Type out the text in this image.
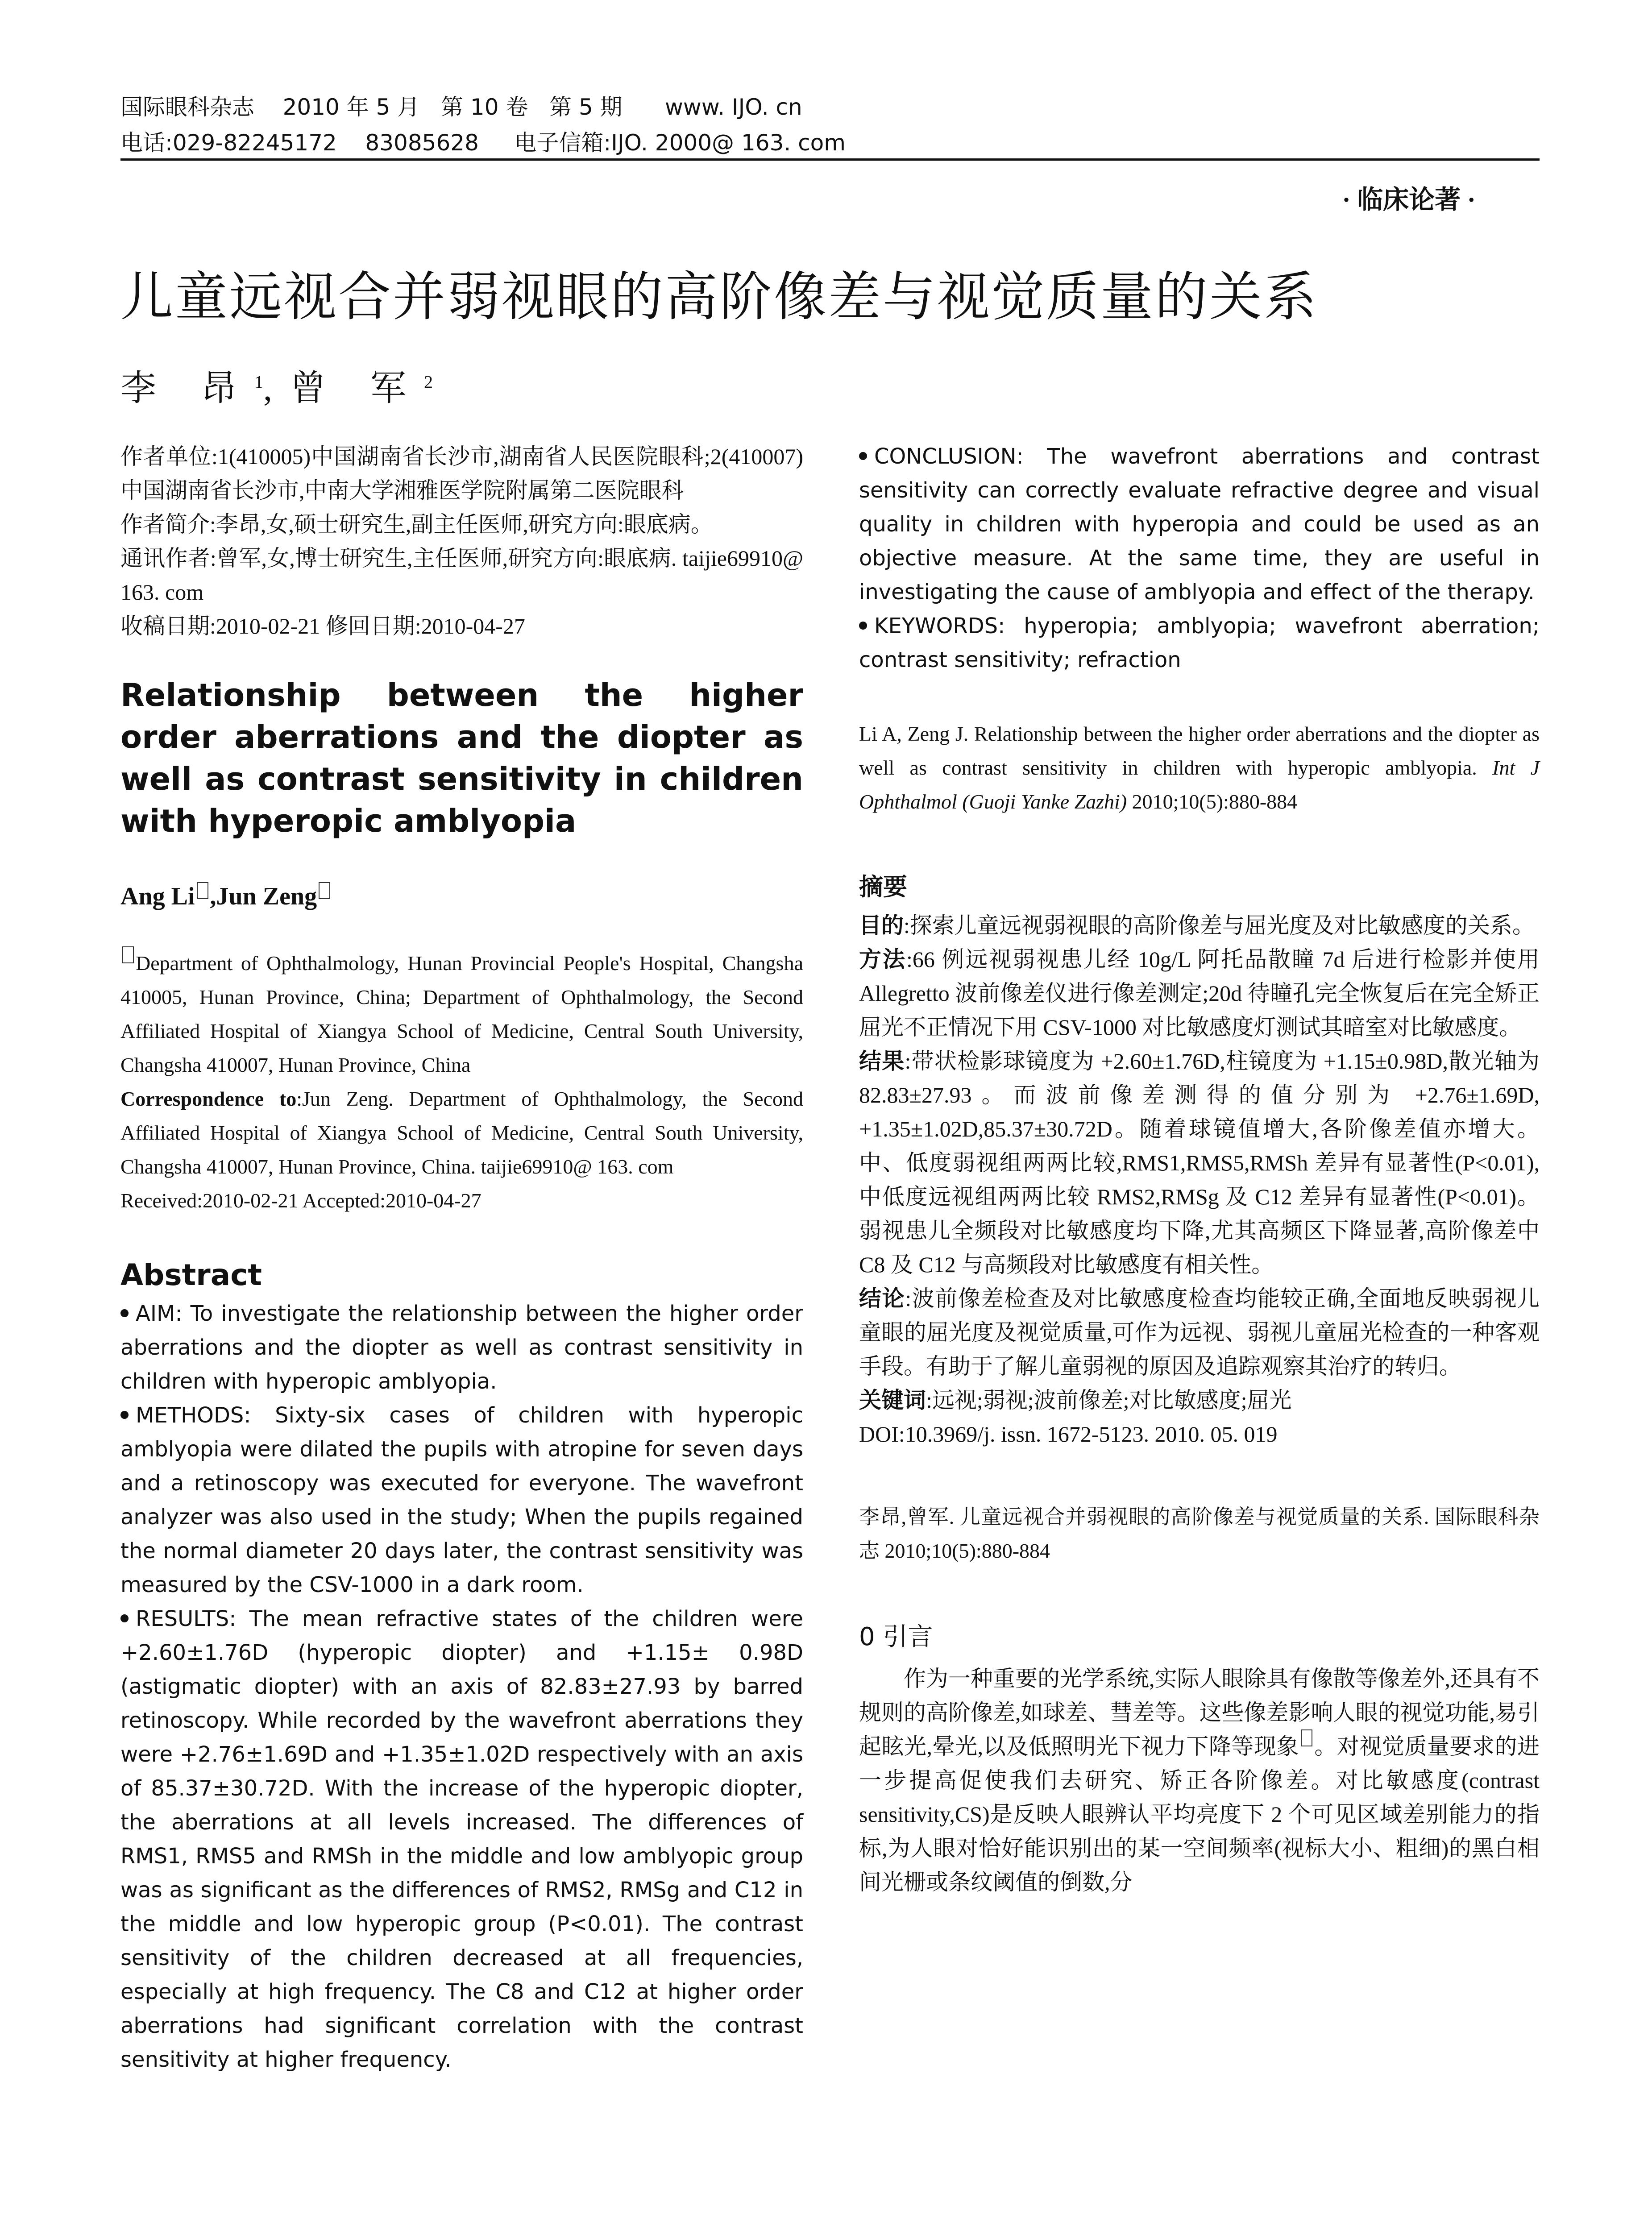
国际眼科杂志    2010 年 5 月   第 10 卷   第 5 期      www. IJO. cn
电话:029-82245172    83085628     电子信箱:IJO. 2000@ 163. com
· 临床论著 ·
儿童远视合并弱视眼的高阶像差与视觉质量的关系
李 昂$^1$,曾 军$^2$

作者单位:1(410005)中国湖南省长沙市,湖南省人民医院眼科;2(410007)中国湖南省长沙市,中南大学湘雅医学院附属第二医院眼科

作者简介:李昂,女,硕士研究生,副主任医师,研究方向:眼底病。

通讯作者:曾军,女,博士研究生,主任医师,研究方向:眼底病. taijie69910@ 163. com

收稿日期:2010-02-21 修回日期:2010-04-27

Relationship between the higher order aberrations and the diopter as well as contrast sensitivity in children with hyperopic amblyopia
Ang Li ,Jun Zeng

Department of Ophthalmology, Hunan Provincial People's Hospital, Changsha 410005, Hunan Province, China; Department of Ophthalmology, the Second Affiliated Hospital of Xiangya School of Medicine, Central South University, Changsha 410007, Hunan Province, China

Correspondence to:Jun Zeng. Department of Ophthalmology, the Second Affiliated Hospital of Xiangya School of Medicine, Central South University, Changsha 410007, Hunan Province, China. taijie69910@ 163. com

Received:2010-02-21 Accepted:2010-04-27

Abstract

AIM: To investigate the relationship between the higher order aberrations and the diopter as well as contrast sensitivity in children with hyperopic amblyopia.

METHODS: Sixty-six cases of children with hyperopic amblyopia were dilated the pupils with atropine for seven days and a retinoscopy was executed for everyone. The wavefront analyzer was also used in the study; When the pupils regained the normal diameter 20 days later, the contrast sensitivity was measured by the CSV-1000 in a dark room.

RESULTS: The mean refractive states of the children were +2.60±1.76D (hyperopic diopter) and +1.15± 0.98D (astigmatic diopter) with an axis of 82.83±27.93 by barred retinoscopy. While recorded by the wavefront aberrations they were +2.76±1.69D and +1.35±1.02D respectively with an axis of 85.37±30.72D. With the increase of the hyperopic diopter, the aberrations at all levels increased. The differences of RMS1, RMS5 and RMSh in the middle and low amblyopic group was as significant as the differences of RMS2, RMSg and C12 in the middle and low hyperopic group (P<0.01). The contrast sensitivity of the children decreased at all frequencies, especially at high frequency. The C8 and C12 at higher order aberrations had significant correlation with the contrast sensitivity at higher frequency.

CONCLUSION: The wavefront aberrations and contrast sensitivity can correctly evaluate refractive degree and visual quality in children with hyperopia and could be used as an objective measure. At the same time, they are useful in investigating the cause of amblyopia and effect of the therapy.

KEYWORDS: hyperopia; amblyopia; wavefront aberration; contrast sensitivity; refraction

Li A, Zeng J. Relationship between the higher order aberrations and the diopter as well as contrast sensitivity in children with hyperopic amblyopia. Int J Ophthalmol (Guoji Yanke Zazhi) 2010;10(5):880-884

摘要

目的:探索儿童远视弱视眼的高阶像差与屈光度及对比敏感度的关系。

方法:66 例远视弱视患儿经 10g/L 阿托品散瞳 7d 后进行检影并使用 Allegretto 波前像差仪进行像差测定;20d 待瞳孔完全恢复后在完全矫正屈光不正情况下用 CSV-1000 对比敏感度灯测试其暗室对比敏感度。

结果:带状检影球镜度为 +2.60±1.76D,柱镜度为 +1.15±0.98D,散光轴为 82.83±27.93。而波前像差测得的值分别为 +2.76±1.69D, +1.35±1.02D,85.37±30.72D。随着球镜值增大,各阶像差值亦增大。中、低度弱视组两两比较,RMS1,RMS5,RMSh 差异有显著性(P<0.01),中低度远视组两两比较 RMS2,RMSg 及 C12 差异有显著性(P<0.01)。弱视患儿全频段对比敏感度均下降,尤其高频区下降显著,高阶像差中 C8 及 C12 与高频段对比敏感度有相关性。

结论:波前像差检查及对比敏感度检查均能较正确,全面地反映弱视儿童眼的屈光度及视觉质量,可作为远视、弱视儿童屈光检查的一种客观手段。有助于了解儿童弱视的原因及追踪观察其治疗的转归。

关键词:远视;弱视;波前像差;对比敏感度;屈光

DOI:10.3969/j. issn. 1672-5123. 2010. 05. 019

李昂,曾军. 儿童远视合并弱视眼的高阶像差与视觉质量的关系. 国际眼科杂志 2010;10(5):880-884

0 引言

作为一种重要的光学系统,实际人眼除具有像散等像差外,还具有不规则的高阶像差,如球差、彗差等。这些像差影响人眼的视觉功能,易引起眩光,晕光,以及低照明光下视力下降等现象 。对视觉质量要求的进一步提高促使我们去研究、矫正各阶像差。对比敏感度(contrast sensitivity,CS)是反映人眼辨认平均亮度下 2 个可见区域差别能力的指标,为人眼对恰好能识别出的某一空间频率(视标大小、粗细)的黑白相间光栅或条纹阈值的倒数,分
